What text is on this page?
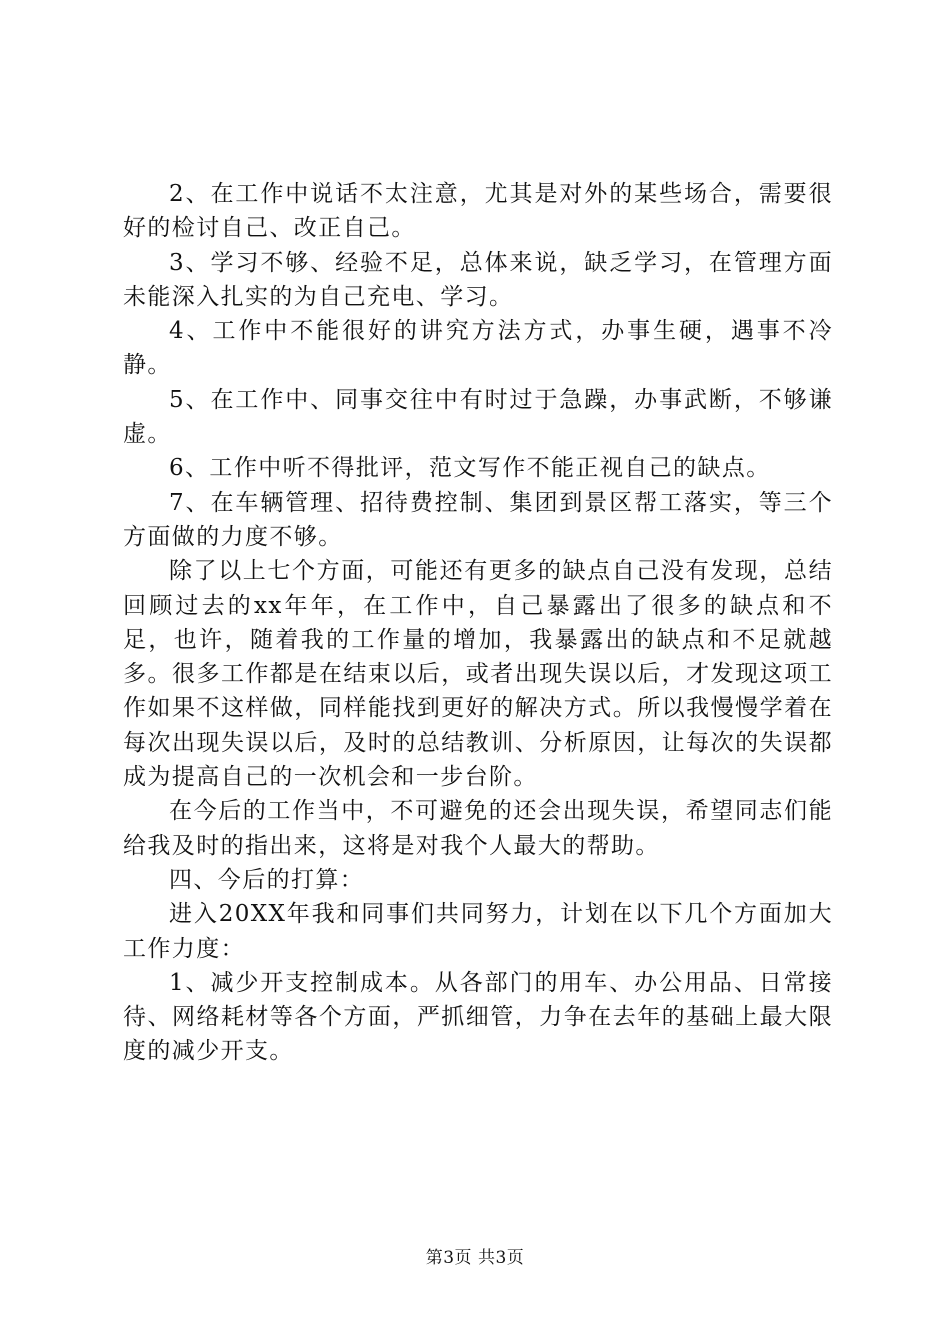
2、在工作中说话不太注意，尤其是对外的某些场合，需要很好的检讨自己、改正自己。

3、学习不够、经验不足，总体来说，缺乏学习，在管理方面未能深入扎实的为自己充电、学习。

4、工作中不能很好的讲究方法方式，办事生硬，遇事不冷静。

5、在工作中、同事交往中有时过于急躁，办事武断，不够谦虚。

6、工作中听不得批评，范文写作不能正视自己的缺点。

7、在车辆管理、招待费控制、集团到景区帮工落实，等三个方面做的力度不够。

除了以上七个方面，可能还有更多的缺点自己没有发现，总结回顾过去的xx年年，在工作中，自己暴露出了很多的缺点和不足，也许，随着我的工作量的增加，我暴露出的缺点和不足就越多。很多工作都是在结束以后，或者出现失误以后，才发现这项工作如果不这样做，同样能找到更好的解决方式。所以我慢慢学着在每次出现失误以后，及时的总结教训、分析原因，让每次的失误都成为提高自己的一次机会和一步台阶。

在今后的工作当中，不可避免的还会出现失误，希望同志们能给我及时的指出来，这将是对我个人最大的帮助。

四、今后的打算：

进入20XX年我和同事们共同努力，计划在以下几个方面加大工作力度：

1、减少开支控制成本。从各部门的用车、办公用品、日常接待、网络耗材等各个方面，严抓细管，力争在去年的基础上最大限度的减少开支。

第3页 共3页
